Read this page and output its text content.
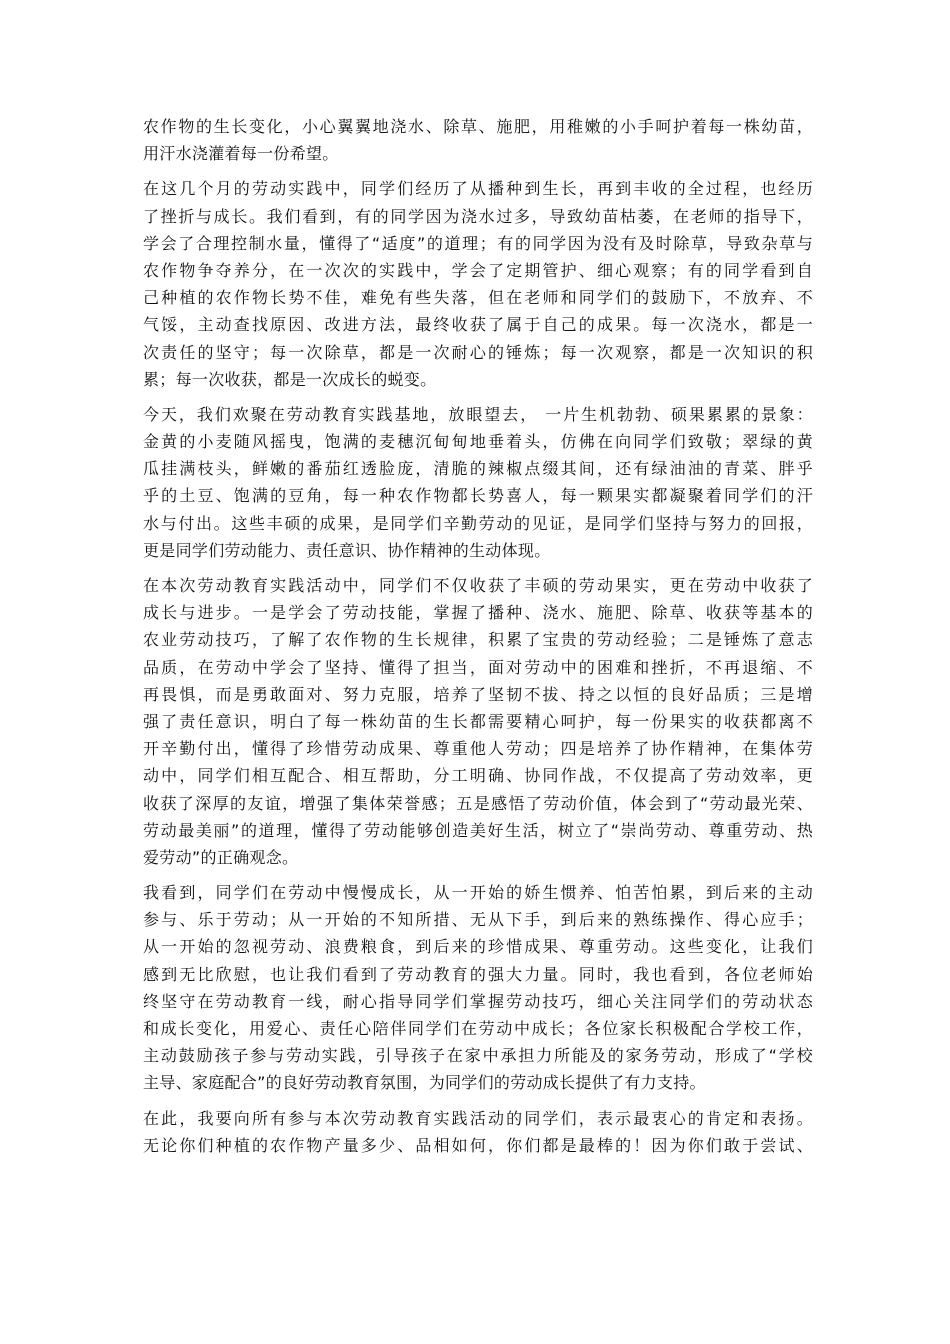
农作物的生长变化，小心翼翼地浇水、除草、施肥，用稚嫩的小手呵护着每一株幼苗，
用汗水浇灌着每一份希望。

在这几个月的劳动实践中，同学们经历了从播种到生长，再到丰收的全过程，也经历
了挫折与成长。我们看到，有的同学因为浇水过多，导致幼苗枯萎，在老师的指导下，
学会了合理控制水量，懂得了“适度”的道理；有的同学因为没有及时除草，导致杂草与
农作物争夺养分，在一次次的实践中，学会了定期管护、细心观察；有的同学看到自
己种植的农作物长势不佳，难免有些失落，但在老师和同学们的鼓励下，不放弃、不
气馁，主动查找原因、改进方法，最终收获了属于自己的成果。每一次浇水，都是一
次责任的坚守；每一次除草，都是一次耐心的锤炼；每一次观察，都是一次知识的积
累；每一次收获，都是一次成长的蜕变。

今天，我们欢聚在劳动教育实践基地，放眼望去， 一片生机勃勃、硕果累累的景象：
金黄的小麦随风摇曳，饱满的麦穗沉甸甸地垂着头，仿佛在向同学们致敬；翠绿的黄
瓜挂满枝头，鲜嫩的番茄红透脸庞，清脆的辣椒点缀其间，还有绿油油的青菜、胖乎
乎的土豆、饱满的豆角，每一种农作物都长势喜人，每一颗果实都凝聚着同学们的汗
水与付出。这些丰硕的成果，是同学们辛勤劳动的见证，是同学们坚持与努力的回报，
更是同学们劳动能力、责任意识、协作精神的生动体现。

在本次劳动教育实践活动中，同学们不仅收获了丰硕的劳动果实，更在劳动中收获了
成长与进步。一是学会了劳动技能，掌握了播种、浇水、施肥、除草、收获等基本的
农业劳动技巧，了解了农作物的生长规律，积累了宝贵的劳动经验；二是锤炼了意志
品质，在劳动中学会了坚持、懂得了担当，面对劳动中的困难和挫折，不再退缩、不
再畏惧，而是勇敢面对、努力克服，培养了坚韧不拔、持之以恒的良好品质；三是增
强了责任意识，明白了每一株幼苗的生长都需要精心呵护，每一份果实的收获都离不
开辛勤付出，懂得了珍惜劳动成果、尊重他人劳动；四是培养了协作精神，在集体劳
动中，同学们相互配合、相互帮助，分工明确、协同作战，不仅提高了劳动效率，更
收获了深厚的友谊，增强了集体荣誉感；五是感悟了劳动价值，体会到了“劳动最光荣、
劳动最美丽”的道理，懂得了劳动能够创造美好生活，树立了“崇尚劳动、尊重劳动、热
爱劳动”的正确观念。

我看到，同学们在劳动中慢慢成长，从一开始的娇生惯养、怕苦怕累，到后来的主动
参与、乐于劳动；从一开始的不知所措、无从下手，到后来的熟练操作、得心应手；
从一开始的忽视劳动、浪费粮食，到后来的珍惜成果、尊重劳动。这些变化，让我们
感到无比欣慰，也让我们看到了劳动教育的强大力量。同时，我也看到，各位老师始
终坚守在劳动教育一线，耐心指导同学们掌握劳动技巧，细心关注同学们的劳动状态
和成长变化，用爱心、责任心陪伴同学们在劳动中成长；各位家长积极配合学校工作，
主动鼓励孩子参与劳动实践，引导孩子在家中承担力所能及的家务劳动，形成了“学校
主导、家庭配合”的良好劳动教育氛围，为同学们的劳动成长提供了有力支持。

在此，我要向所有参与本次劳动教育实践活动的同学们，表示最衷心的肯定和表扬。
无论你们种植的农作物产量多少、品相如何，你们都是最棒的！因为你们敢于尝试、
